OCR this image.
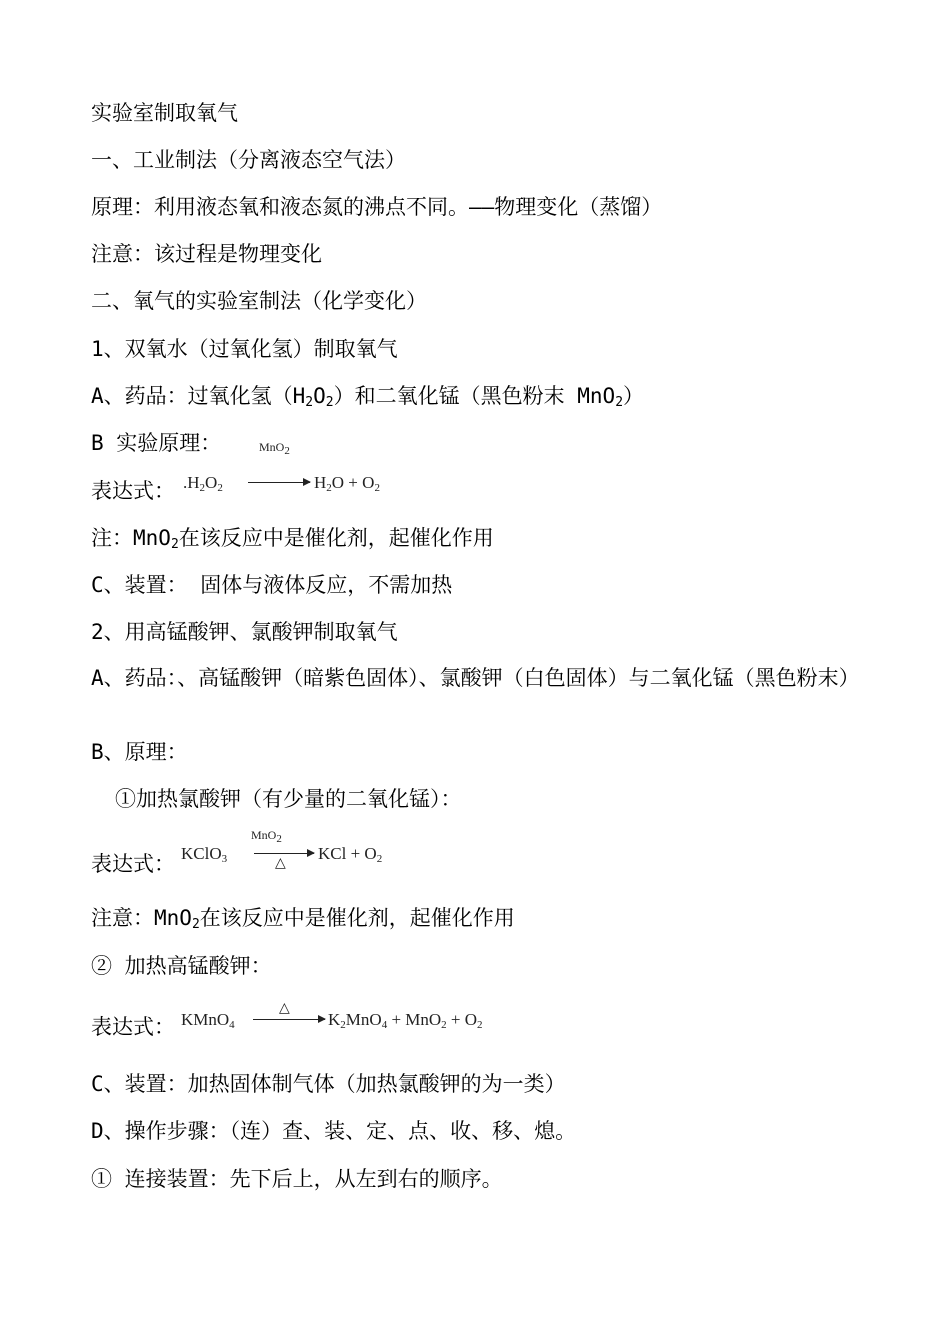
实验室制取氧气
一、工业制法（分离液态空气法）
原理：利用液态氧和液态氮的沸点不同。——物理变化（蒸馏）
注意：该过程是物理变化
二、氧气的实验室制法（化学变化）
1、双氧水（过氧化氢）制取氧气
A、药品：过氧化氢$(H_2O_2)$和二氧化锰（黑色粉末 MnO$_2$）
B 实验原理：	MnO$_2$
表达式： $.H_2O_2$	$H_2O + O_2$
注：MnO$_2$在该反应中是催化剂，起催化作用
C、装置： 固体与液体反应，不需加热
2、用高锰酸钾、氯酸钾制取氧气
A、药品：、高锰酸钾（暗紫色固体）、氯酸钾（白色固体）与二氧化锰（黑色粉末）
B、原理：
①加热氯酸钾（有少量的二氧化锰）：
MnO$_2$
表达式： KClO$_3$	△ KCl + $O_2$
注意：MnO$_2$在该反应中是催化剂，起催化作用
② 加热高锰酸钾：
△
表达式： KMnO$_4$	$K_2MnO_4 + MnO_2 + O_2$
C、装置：加热固体制气体（加热氯酸钾的为一类）
D、操作步骤：（连）查、装、定、点、收、移、熄。
① 连接装置：先下后上，从左到右的顺序。
